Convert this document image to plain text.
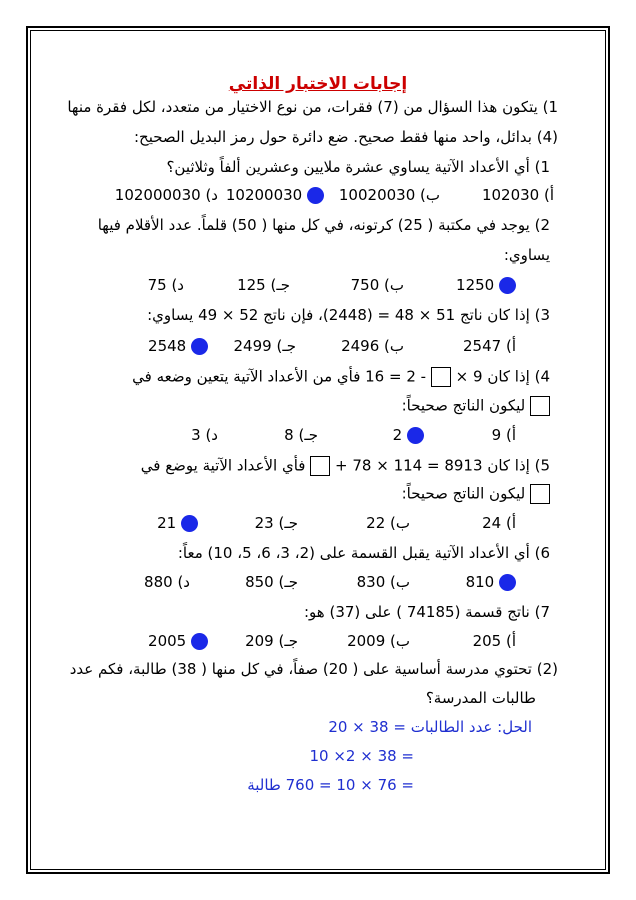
إجابات الاختبار الذاتي
1) يتكون هذا السؤال من (7) فقرات، من نوع الاختيار من متعدد، لكل فقرة منها
(4) بدائل، واحد منها فقط صحيح. ضع دائرة حول رمز البديل الصحيح:
1) أي الأعداد الآتية يساوي عشرة ملايين وعشرين ألفاً وثلاثين؟
أ) 102030
ب) 10020030
10200030
د) 102000030
2) يوجد في مكتبة ( 25) كرتونه، في كل منها ( 50) قلماً. عدد الأقلام فيها
يساوي:
1250
ب) 750
جـ) 125
د) 75
3) إذا كان ناتج 51 × 48 = (2448)، فإن ناتج 52 × 49 يساوي:
أ) 2547
ب) 2496
جـ) 2499
2548
4) إذا كان 9 ×  - 2 = 16 فأي من الأعداد الآتية يتعين وضعه في
ليكون الناتج صحيحاً:
أ) 9
2
جـ) 8
د) 3
5) إذا كان 8913 = 114 × 78 +  فأي الأعداد الآتية يوضع في
ليكون الناتج صحيحاً:
أ) 24
ب) 22
جـ) 23
21
6) أي الأعداد الآتية يقبل القسمة على (2، 3، 6، 5، 10) معاً:
810
ب) 830
جـ) 850
د) 880
7) ناتج قسمة (74185 ) على (37) هو:
أ) 205
ب) 2009
جـ) 209
2005
(2) تحتوي مدرسة أساسية على ( 20) صفاً، في كل منها ( 38) طالبة، فكم عدد
طالبات المدرسة؟
الحل: عدد الطالبات = 38 × 20
= 38 × 2× 10
= 76 × 10 = 760 طالبة
